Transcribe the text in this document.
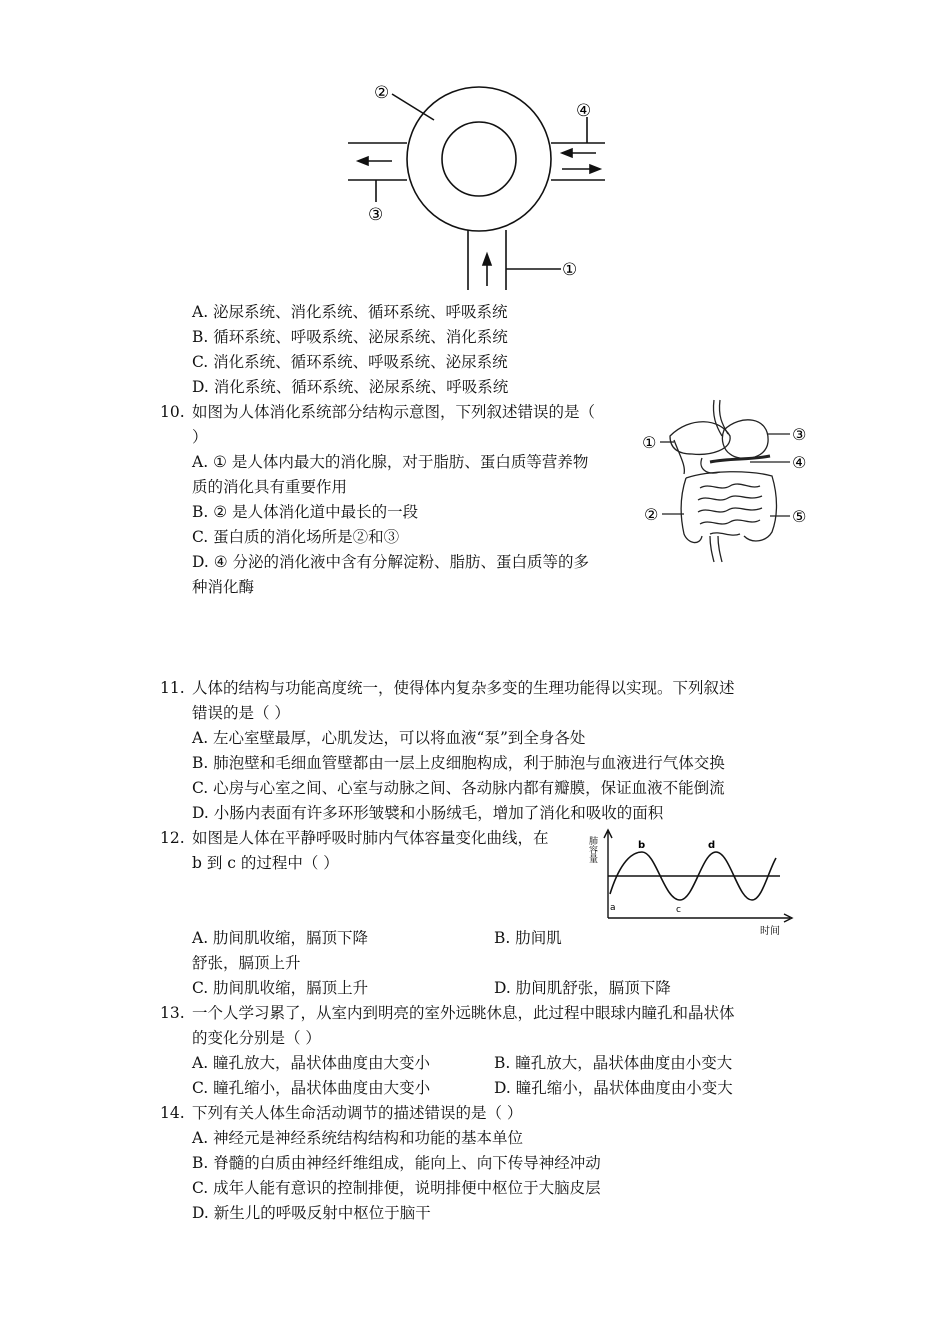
②
④
③
①
A. 泌尿系统、消化系统、循环系统、呼吸系统
B. 循环系统、呼吸系统、泌尿系统、消化系统
C. 消化系统、循环系统、呼吸系统、泌尿系统
D. 消化系统、循环系统、泌尿系统、呼吸系统
10. 如图为人体消化系统部分结构示意图，下列叙述错误的是（
）
A. ① 是人体内最大的消化腺，对于脂肪、蛋白质等营养物
质的消化具有重要作用
B. ② 是人体消化道中最长的一段
C. 蛋白质的消化场所是②和③
D. ④ 分泌的消化液中含有分解淀粉、脂肪、蛋白质等的多
种消化酶
①	③
④
②	⑤
11. 人体的结构与功能高度统一，使得体内复杂多变的生理功能得以实现。下列叙述
错误的是（ ）
A. 左心室壁最厚，心肌发达，可以将血液“泵”到全身各处
B. 肺泡壁和毛细血管壁都由一层上皮细胞构成，利于肺泡与血液进行气体交换
C. 心房与心室之间、心室与动脉之间、各动脉内都有瓣膜，保证血液不能倒流
D. 小肠内表面有许多环形皱襞和小肠绒毛，增加了消化和吸收的面积
12. 如图是人体在平静呼吸时肺内气体容量变化曲线，在
b 到 c 的过程中（ ）	肺容量
a
b
c
d
时间
A. 肋间肌收缩，膈顶下降	B. 肋间肌
舒张，膈顶上升
C. 肋间肌收缩，膈顶上升	D. 肋间肌舒张，膈顶下降
13. 一个人学习累了，从室内到明亮的室外远眺休息，此过程中眼球内瞳孔和晶状体
的变化分别是（ ）
A. 瞳孔放大，晶状体曲度由大变小	B. 瞳孔放大，晶状体曲度由小变大
C. 瞳孔缩小，晶状体曲度由大变小	D. 瞳孔缩小，晶状体曲度由小变大
14. 下列有关人体生命活动调节的描述错误的是（ ）
A. 神经元是神经系统结构结构和功能的基本单位
B. 脊髓的白质由神经纤维组成，能向上、向下传导神经冲动
C. 成年人能有意识的控制排便，说明排便中枢位于大脑皮层
D. 新生儿的呼吸反射中枢位于脑干
